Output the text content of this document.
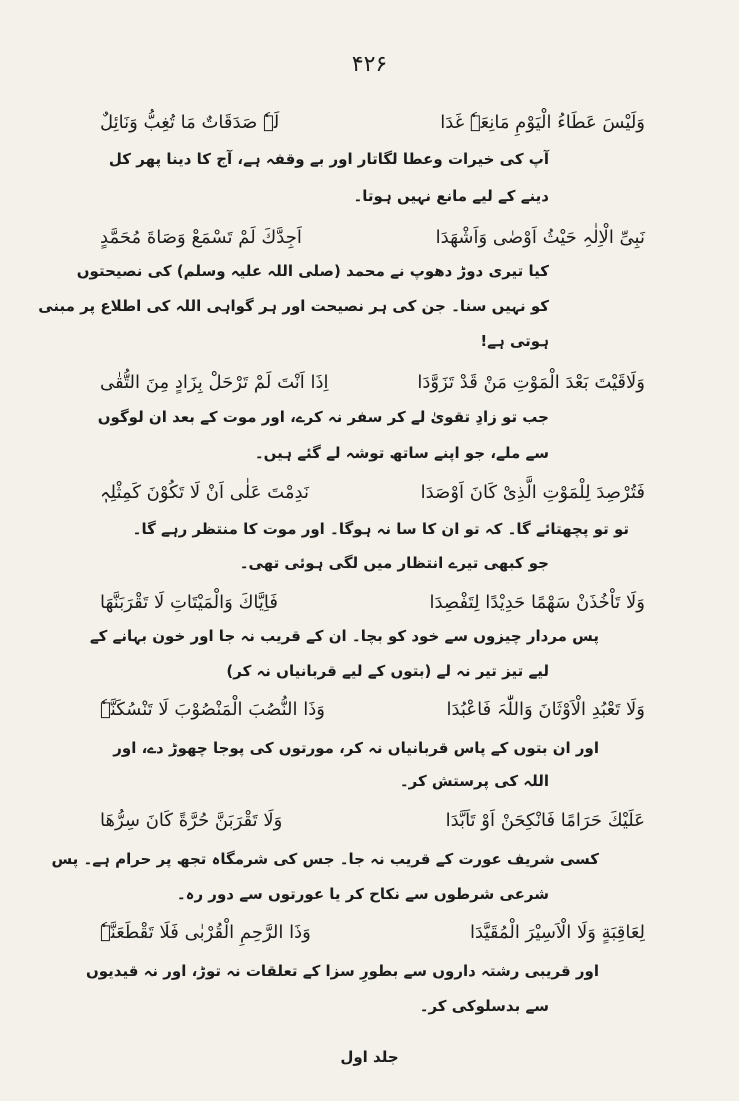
۴۲۶
لَہٗ صَدَقَاتٌ مَا تُغِبُّ وَنَائِلٌ	وَلَیْسَ عَطَاءُ الْیَوْمِ مَانِعَہٗ غَدَا
آپ کی خیرات وعطا لگاتار اور بے وقفہ ہے، آج کا دینا پھر کل
دینے کے لیے مانع نہیں ہوتا۔
اَجِدَّكَ لَمْ تَسْمَعْ وَصَاةَ مُحَمَّدٍ	نَبِیِّ الْاِلٰہِ حَیْثُ اَوْصٰی وَاَشْھَدَا
کیا تیری دوڑ دھوپ نے محمد (صلی اللہ علیہ وسلم) کی نصیحتوں
کو نہیں سنا۔ جن کی ہر نصیحت اور ہر گواہی اللہ کی اطلاع پر مبنی
ہوتی ہے!
اِذَا اَنْتَ لَمْ تَرْحَلْ بِزَادٍ مِنَ التُّقٰی	وَلَاقَیْتَ بَعْدَ الْمَوْتِ مَنْ قَدْ تَزَوَّدَا
جب تو زادِ تقویٰ لے کر سفر نہ کرے، اور موت کے بعد ان لوگوں
سے ملے، جو اپنے ساتھ توشہ لے گئے ہیں۔
نَدِمْتَ عَلٰی اَنْ لَا تَكُوْنَ كَمِثْلِہٖ	فَتُرْصِدَ لِلْمَوْتِ الَّذِیْ كَانَ اَوْصَدَا
تو تو پچھتائے گا۔ کہ تو ان کا سا نہ ہوگا۔ اور موت کا منتظر رہے گا۔
جو کبھی تیرے انتظار میں لگی ہوئی تھی۔
فَاِیَّاكَ وَالْمَیْتَاتِ لَا تَقْرَبَنَّھَا	وَلَا تَاْخُذَنْ سَھْمًا حَدِیْدًا لِتَفْصِدَا
پس مردار چیزوں سے خود کو بچا۔ ان کے قریب نہ جا اور خون بہانے کے
لیے تیز تیر نہ لے (بتوں کے لیے قربانیاں نہ کر)
وَذَا النُّصُبَ الْمَنْصُوْبَ لَا تَنْسُكَنَّہٗ	وَلَا تَعْبُدِ الْاَوْثَانَ وَاللّٰہَ فَاعْبُدَا
اور ان بتوں کے پاس قربانیاں نہ کر، مورتوں کی پوجا چھوڑ دے، اور
اللہ کی پرستش کر۔
وَلَا تَقْرَبَنَّ حُرَّةً كَانَ سِرُّھَا	عَلَیْكَ حَرَامًا فَانْكِحَنْ اَوْ تَاَبَّدَا
کسی شریف عورت کے قریب نہ جا۔ جس کی شرمگاہ تجھ پر حرام ہے۔ پس
شرعی شرطوں سے نکاح کر یا عورتوں سے دور رہ۔
وَذَا الرَّحِمِ الْقُرْبٰی فَلَا تَقْطَعَنَّہٗ	لِعَاقِبَةٍ وَلَا الْاَسِیْرَ الْمُقَیَّدَا
اور قریبی رشتہ داروں سے بطورِ سزا کے تعلقات نہ توڑ، اور نہ قیدیوں
سے بدسلوکی کر۔
جلد اول
